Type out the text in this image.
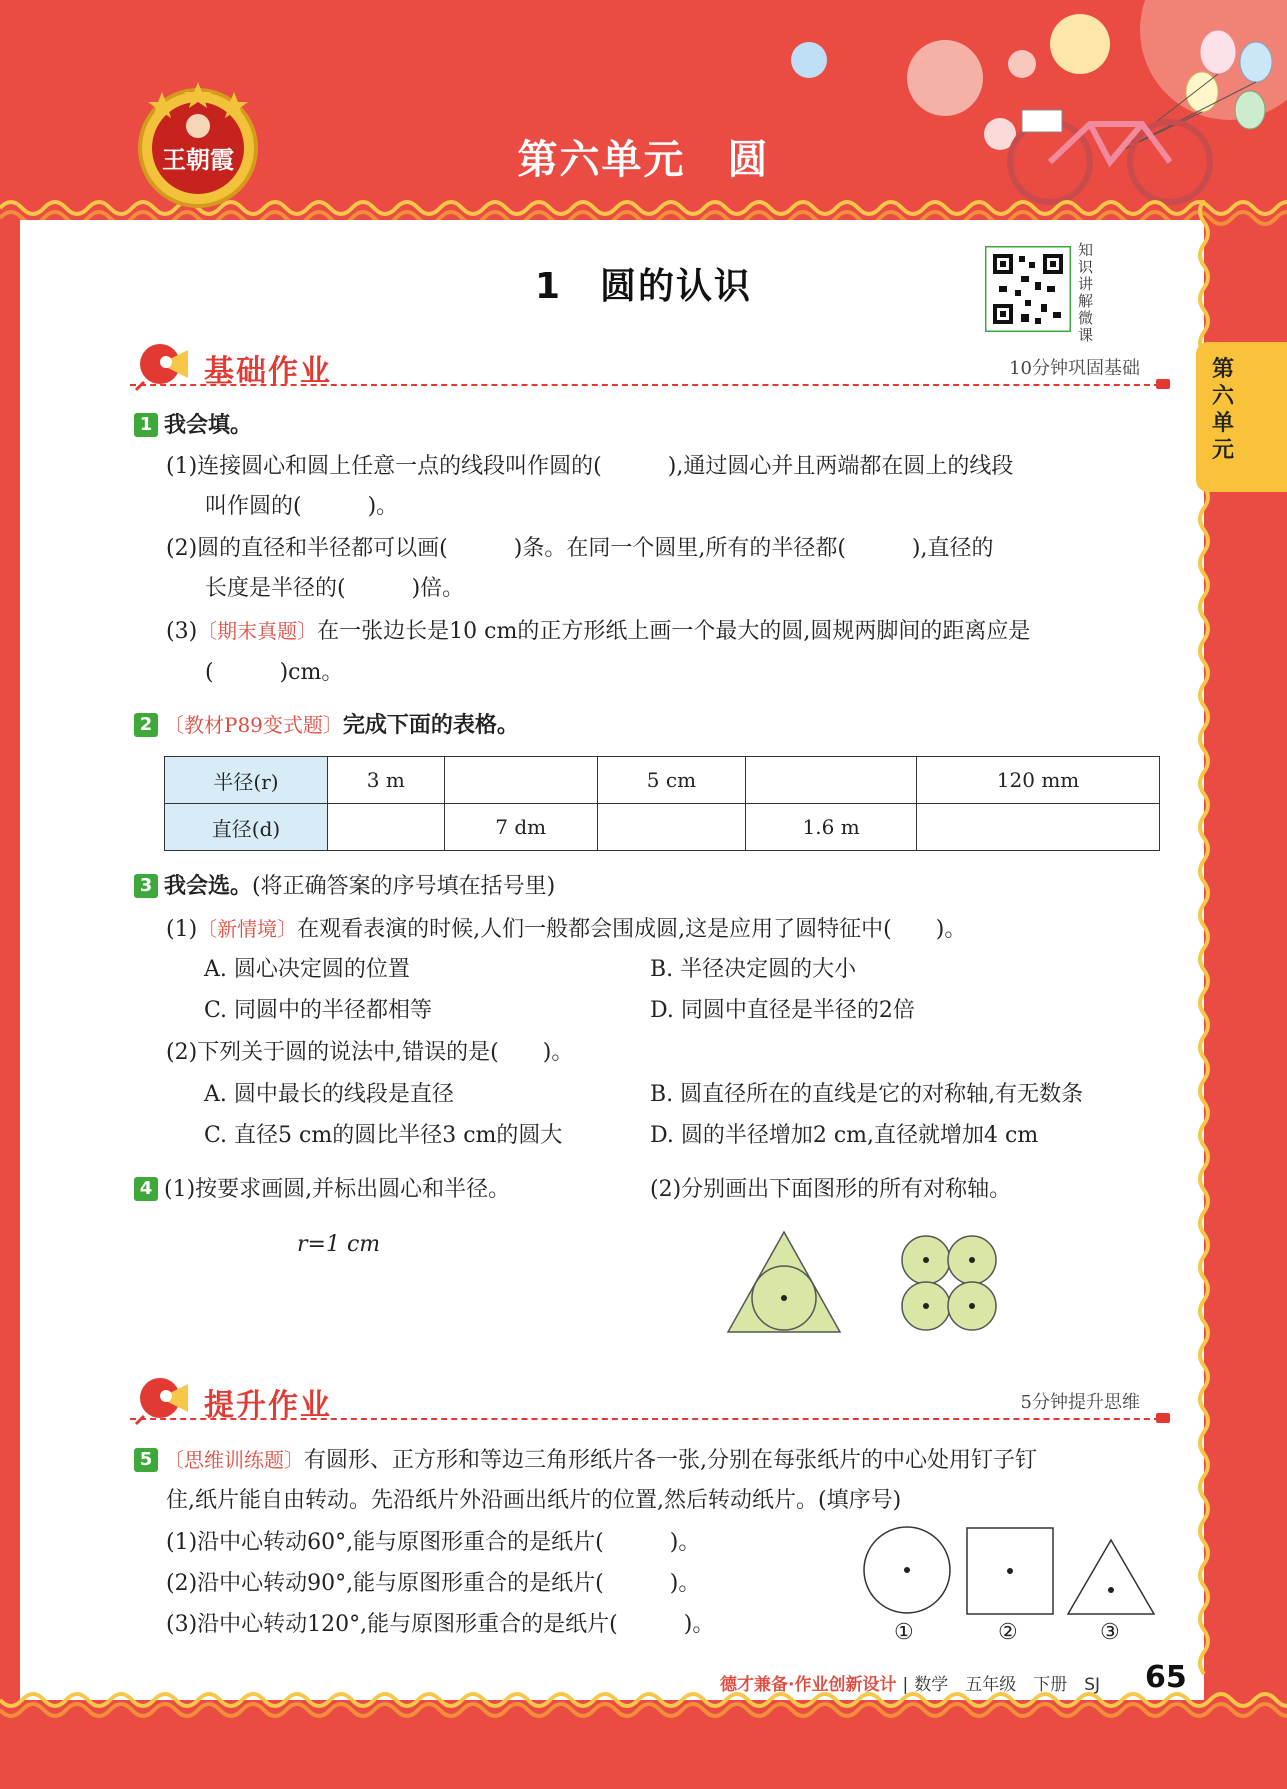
王朝霞	第六单元　圆
1　圆的认识
知识讲解微课
第六单元
基础作业	10分钟巩固基础
1 我会填。
(1)连接圆心和圆上任意一点的线段叫作圆的(　　　),通过圆心并且两端都在圆上的线段
叫作圆的(　　　)。
(2)圆的直径和半径都可以画(　　　)条。在同一个圆里,所有的半径都(　　　),直径的
长度是半径的(　　　)倍。
(3)〔期末真题〕在一张边长是10 cm的正方形纸上画一个最大的圆,圆规两脚间的距离应是
(　　　)cm。
2 〔教材P89变式题〕完成下面的表格。
半径(r)	3 m		5 cm		120 mm
直径(d)		7 dm		1.6 m	
3 我会选。(将正确答案的序号填在括号里)
(1)〔新情境〕在观看表演的时候,人们一般都会围成圆,这是应用了圆特征中(　　)。
A. 圆心决定圆的位置	B. 半径决定圆的大小
C. 同圆中的半径都相等	D. 同圆中直径是半径的2倍
(2)下列关于圆的说法中,错误的是(　　)。
A. 圆中最长的线段是直径	B. 圆直径所在的直线是它的对称轴,有无数条
C. 直径5 cm的圆比半径3 cm的圆大	D. 圆的半径增加2 cm,直径就增加4 cm
4 (1)按要求画圆,并标出圆心和半径。	(2)分别画出下面图形的所有对称轴。
r=1 cm
提升作业	5分钟提升思维
5 〔思维训练题〕有圆形、正方形和等边三角形纸片各一张,分别在每张纸片的中心处用钉子钉
住,纸片能自由转动。先沿纸片外沿画出纸片的位置,然后转动纸片。(填序号)
(1)沿中心转动60°,能与原图形重合的是纸片(　　　)。
(2)沿中心转动90°,能与原图形重合的是纸片(　　　)。
(3)沿中心转动120°,能与原图形重合的是纸片(　　　)。	①	②	③
德才兼备·作业创新设计 | 数学　五年级　下册　SJ 65
